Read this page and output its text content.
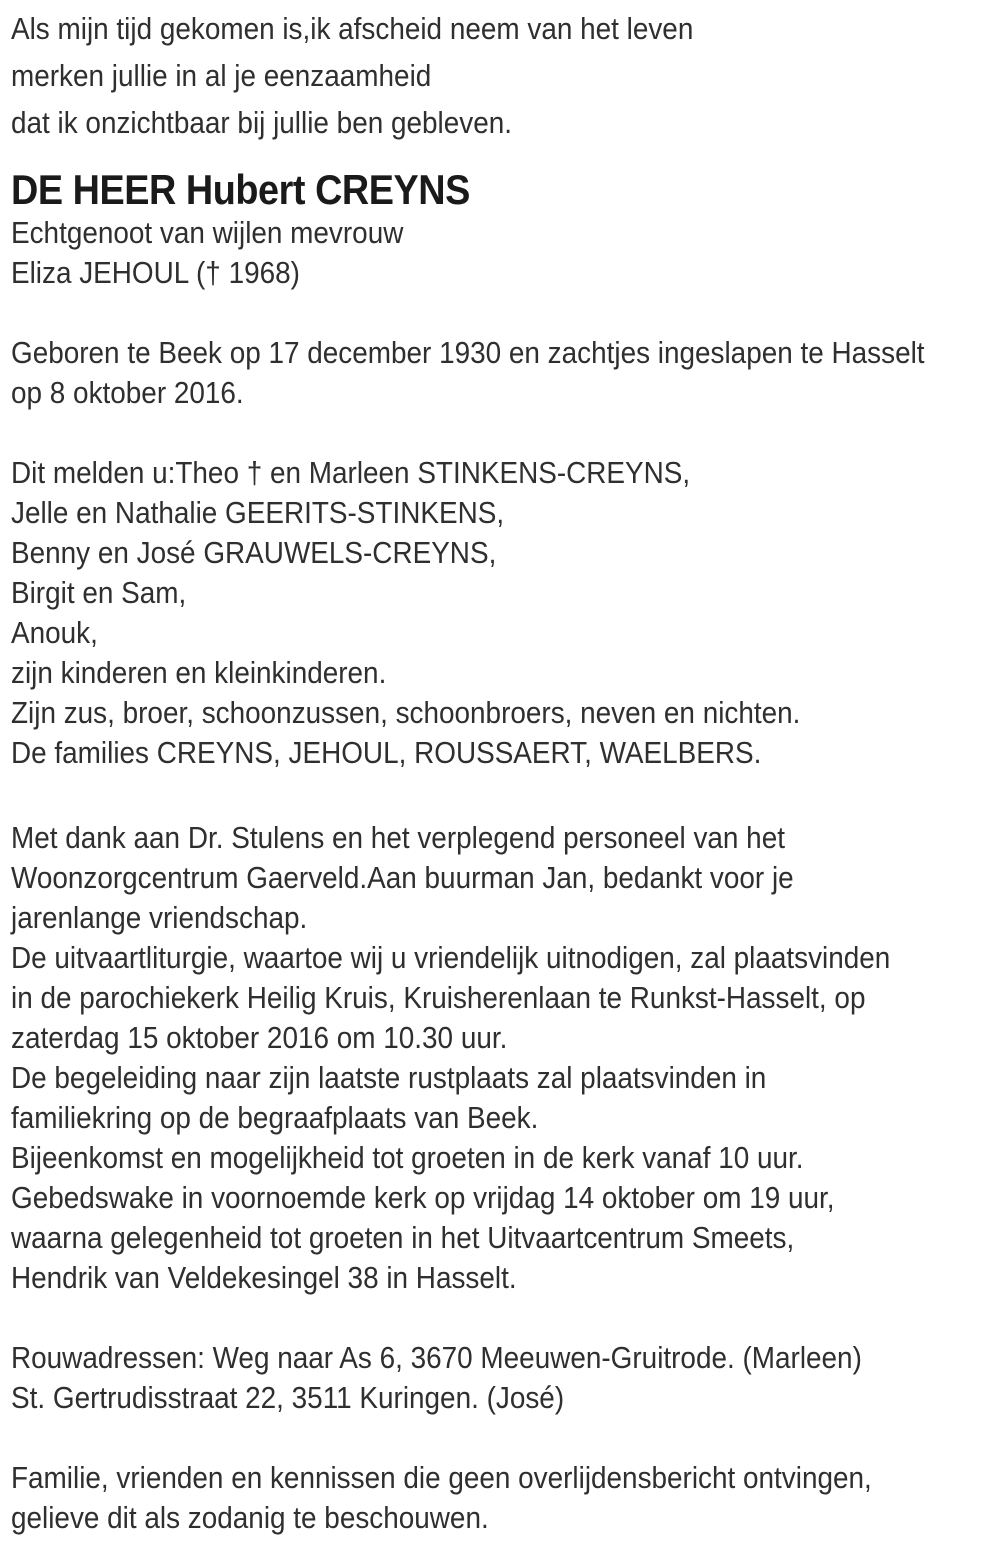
Als mijn tijd gekomen is,ik afscheid neem van het leven
merken jullie in al je eenzaamheid
dat ik onzichtbaar bij jullie ben gebleven.
DE HEER Hubert CREYNS
Echtgenoot van wijlen mevrouw
Eliza JEHOUL († 1968)
Geboren te Beek op 17 december 1930 en zachtjes ingeslapen te Hasselt
op 8 oktober 2016.
Dit melden u:Theo † en Marleen STINKENS-CREYNS,
Jelle en Nathalie GEERITS-STINKENS,
Benny en José GRAUWELS-CREYNS,
Birgit en Sam,
Anouk,
zijn kinderen en kleinkinderen.
Zijn zus, broer, schoonzussen, schoonbroers, neven en nichten.
De families CREYNS, JEHOUL, ROUSSAERT, WAELBERS.
Met dank aan Dr. Stulens en het verplegend personeel van het
Woonzorgcentrum Gaerveld.Aan buurman Jan, bedankt voor je
jarenlange vriendschap.
De uitvaartliturgie, waartoe wij u vriendelijk uitnodigen, zal plaatsvinden
in de parochiekerk Heilig Kruis, Kruisherenlaan te Runkst-Hasselt, op
zaterdag 15 oktober 2016 om 10.30 uur.
De begeleiding naar zijn laatste rustplaats zal plaatsvinden in
familiekring op de begraafplaats van Beek.
Bijeenkomst en mogelijkheid tot groeten in de kerk vanaf 10 uur.
Gebedswake in voornoemde kerk op vrijdag 14 oktober om 19 uur,
waarna gelegenheid tot groeten in het Uitvaartcentrum Smeets,
Hendrik van Veldekesingel 38 in Hasselt.
Rouwadressen: Weg naar As 6, 3670 Meeuwen-Gruitrode. (Marleen)
St. Gertrudisstraat 22, 3511 Kuringen. (José)
Familie, vrienden en kennissen die geen overlijdensbericht ontvingen,
gelieve dit als zodanig te beschouwen.
